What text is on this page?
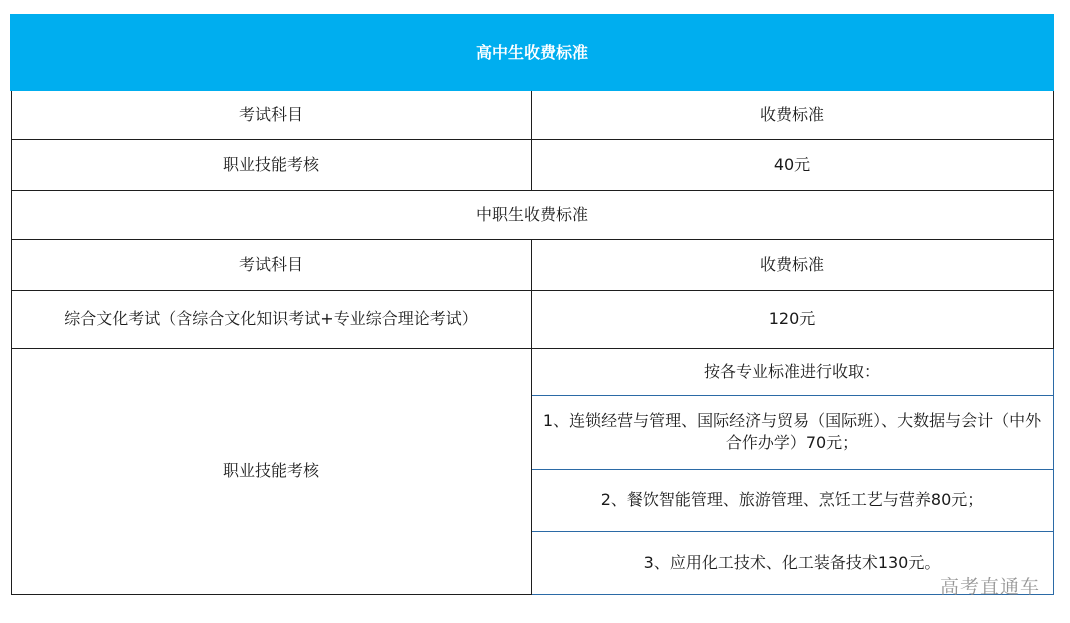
高中生收费标准	
考试科目	收费标准
职业技能考核	40元
中职生收费标准	
考试科目	收费标准
综合文化考试（含综合文化知识考试+专业综合理论考试）	120元
职业技能考核	按各专业标准进行收取：
	1、连锁经营与管理、国际经济与贸易（国际班）、大数据与会计（中外合作办学）70元；
	2、餐饮智能管理、旅游管理、烹饪工艺与营养80元；
	3、应用化工技术、化工装备技术130元。
高考直通车
